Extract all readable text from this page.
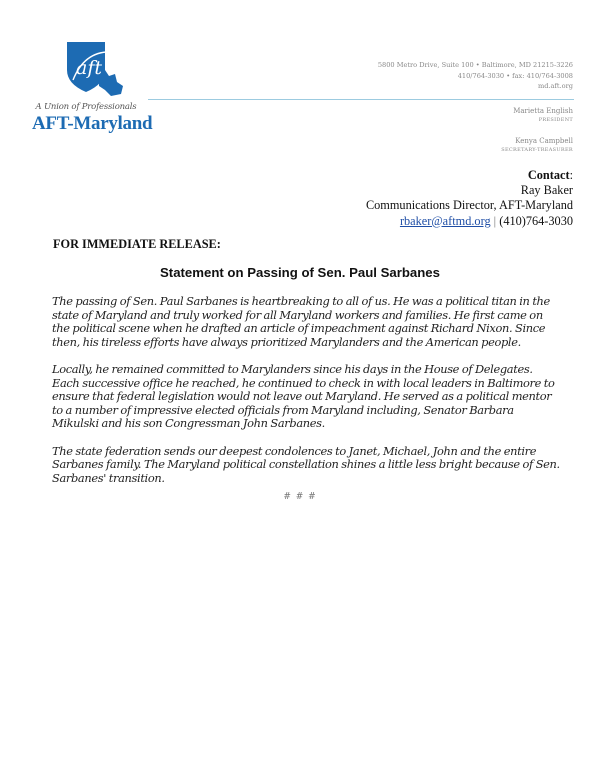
aft
A Union of Professionals
AFT-Maryland
5800 Metro Drive, Suite 100 • Baltimore, MD 21215-3226
410/764-3030 • fax: 410/764-3008
md.aft.org
Marietta English
PRESIDENT
Kenya Campbell
SECRETARY-TREASURER
Contact:
Ray Baker
Communications Director, AFT-Maryland
rbaker@aftmd.org | (410)764-3030
FOR IMMEDIATE RELEASE:
Statement on Passing of Sen. Paul Sarbanes

The passing of Sen. Paul Sarbanes is heartbreaking to all of us. He was a political titan in the state of Maryland and truly worked for all Maryland workers and families. He first came on the political scene when he drafted an article of impeachment against Richard Nixon. Since then, his tireless efforts have always prioritized Marylanders and the American people.

Locally, he remained committed to Marylanders since his days in the House of Delegates. Each successive office he reached, he continued to check in with local leaders in Baltimore to ensure that federal legislation would not leave out Maryland. He served as a political mentor to a number of impressive elected officials from Maryland including, Senator Barbara Mikulski and his son Congressman John Sarbanes.

The state federation sends our deepest condolences to Janet, Michael, John and the entire Sarbanes family. The Maryland political constellation shines a little less bright because of Sen. Sarbanes' transition.

# # #
